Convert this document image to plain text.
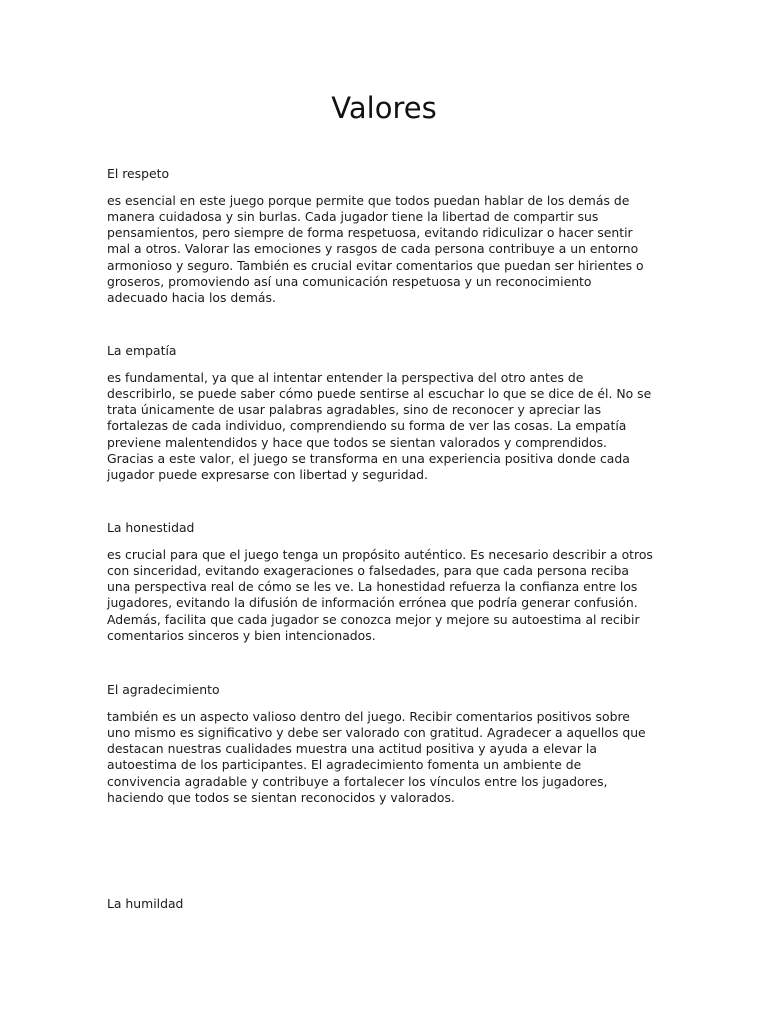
Valores

El respeto

es esencial en este juego porque permite que todos puedan hablar de los demás de
manera cuidadosa y sin burlas. Cada jugador tiene la libertad de compartir sus
pensamientos, pero siempre de forma respetuosa, evitando ridiculizar o hacer sentir
mal a otros. Valorar las emociones y rasgos de cada persona contribuye a un entorno
armonioso y seguro. También es crucial evitar comentarios que puedan ser hirientes o
groseros, promoviendo así una comunicación respetuosa y un reconocimiento
adecuado hacia los demás.

La empatía

es fundamental, ya que al intentar entender la perspectiva del otro antes de
describirlo, se puede saber cómo puede sentirse al escuchar lo que se dice de él. No se
trata únicamente de usar palabras agradables, sino de reconocer y apreciar las
fortalezas de cada individuo, comprendiendo su forma de ver las cosas. La empatía
previene malentendidos y hace que todos se sientan valorados y comprendidos.
Gracias a este valor, el juego se transforma en una experiencia positiva donde cada
jugador puede expresarse con libertad y seguridad.

La honestidad

es crucial para que el juego tenga un propósito auténtico. Es necesario describir a otros
con sinceridad, evitando exageraciones o falsedades, para que cada persona reciba
una perspectiva real de cómo se les ve. La honestidad refuerza la confianza entre los
jugadores, evitando la difusión de información errónea que podría generar confusión.
Además, facilita que cada jugador se conozca mejor y mejore su autoestima al recibir
comentarios sinceros y bien intencionados.

El agradecimiento

también es un aspecto valioso dentro del juego. Recibir comentarios positivos sobre
uno mismo es significativo y debe ser valorado con gratitud. Agradecer a aquellos que
destacan nuestras cualidades muestra una actitud positiva y ayuda a elevar la
autoestima de los participantes. El agradecimiento fomenta un ambiente de
convivencia agradable y contribuye a fortalecer los vínculos entre los jugadores,
haciendo que todos se sientan reconocidos y valorados.

La humildad
